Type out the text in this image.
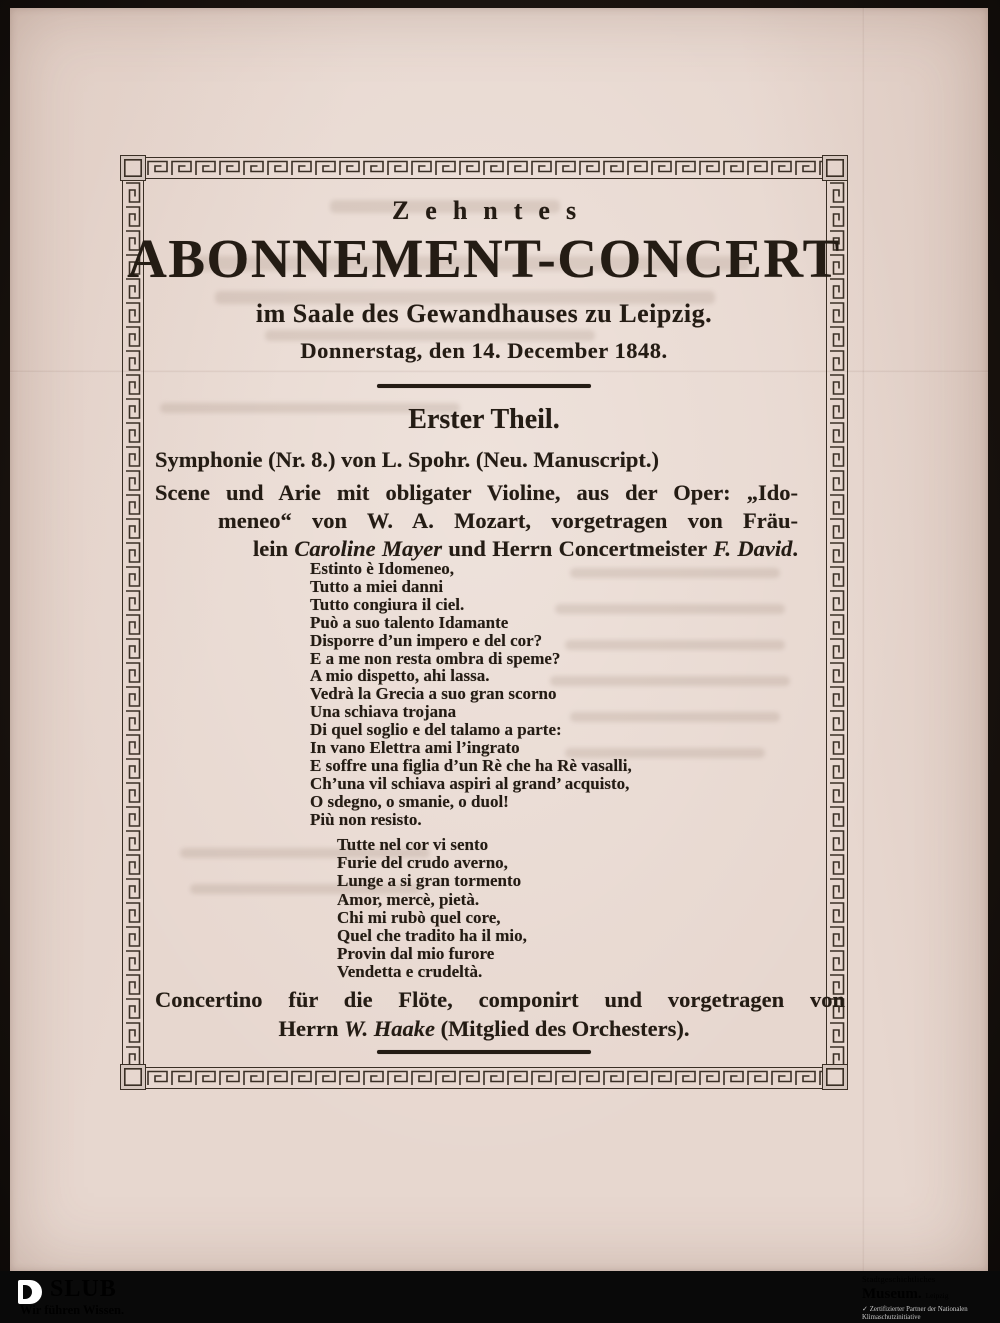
Zehntes
ABONNEMENT-CONCERT
im Saale des Gewandhauses zu Leipzig.
Donnerstag, den 14. December 1848.
Erster Theil.
Symphonie (Nr. 8.) von L. Spohr. (Neu. Manuscript.)
Scene und Arie mit obligater Violine, aus der Oper: „Ido-
meneo“ von W. A. Mozart, vorgetragen von Fräu-
lein Caroline Mayer und Herrn Concertmeister F. David.
Estinto è Idomeneo,
Tutto a miei danni
Tutto congiura il ciel.
Può a suo talento Idamante
Disporre d’un impero e del cor?
E a me non resta ombra di speme?
A mio dispetto, ahi lassa.
Vedrà la Grecia a suo gran scorno
Una schiava trojana
Di quel soglio e del talamo a parte:
In vano Elettra ami l’ingrato
E soffre una figlia d’un Rè che ha Rè vasalli,
Ch’una vil schiava aspiri al grand’ acquisto,
O sdegno, o smanie, o duol!
Più non resisto.
Tutte nel cor vi sento
Furie del crudo averno,
Lunge a si gran tormento
Amor, mercè, pietà.
Chi mi rubò quel core,
Quel che tradito ha il mio,
Provin dal mio furore
Vendetta e crudeltà.
Concertino für die Flöte, componirt und vorgetragen von
Herrn W. Haake (Mitglied des Orchesters).
SLUB
Wir führen Wissen.
Stadtgeschichtliches
Museum. Leipzig
✓ Zertifizierter Partner der Nationalen Klimaschutzinitiative
